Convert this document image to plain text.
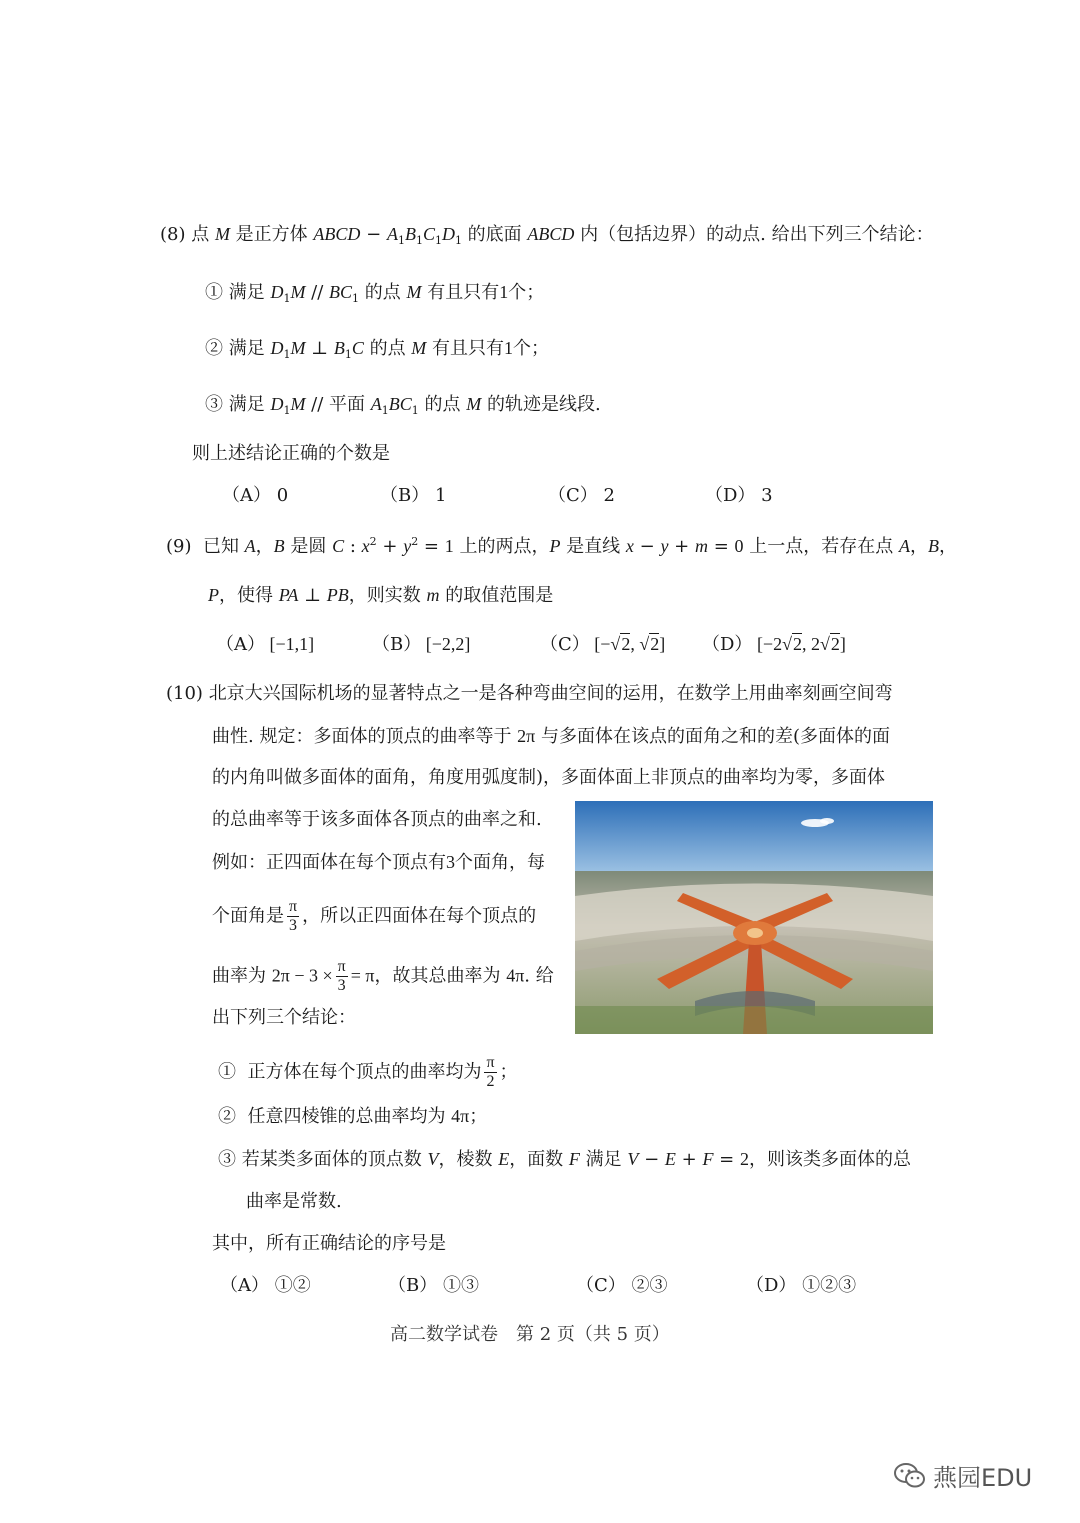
(8) 点 M 是正方体 ABCD − $A_1B_1C_1D_1$ 的底面 ABCD 内（包括边界）的动点. 给出下列三个结论：
① 满足 $D_1M // BC_1$ 的点 M 有且只有1个；
② 满足 $D_1M$ ⊥ $B_1C$ 的点 M 有且只有1个；
③ 满足 $D_1M$ // 平面 $A_1BC_1$ 的点 M 的轨迹是线段.
则上述结论正确的个数是
（A） 0	（B） 1	（C） 2	（D） 3
(9)  已知 A，B 是圆 C : $x^2 + y^2 = 1$ 上的两点，P 是直线 x − y + m = 0 上一点，若存在点 A，B，
P，使得 PA ⊥ PB，则实数 m 的取值范围是
（A） [−1,1]	（B） [−2,2]	（C） [−√2, √2] （D） [−2√2, 2√2]
(10) 北京大兴国际机场的显著特点之一是各种弯曲空间的运用，在数学上用曲率刻画空间弯
曲性. 规定：多面体的顶点的曲率等于 2π 与多面体在该点的面角之和的差(多面体的面
的内角叫做多面体的面角，角度用弧度制)，多面体面上非顶点的曲率均为零，多面体
的总曲率等于该多面体各顶点的曲率之和.
例如：正四面体在每个顶点有3个面角，每
个面角是 $\frac{\pi}{3}$ ，所以正四面体在每个顶点的
曲率为 $2\pi - 3 \times \frac{\pi}{3} = \pi$，故其总曲率为 4π. 给
出下列三个结论：
①  正方体在每个顶点的曲率均为 $\frac{\pi}{2}$ ；
②  任意四棱锥的总曲率均为 4π；
③ 若某类多面体的顶点数 V，棱数 E，面数 F 满足 V − E + F = 2，则该类多面体的总
曲率是常数.
其中，所有正确结论的序号是
（A） ①②	（B） ①③	（C） ②③	（D） ①②③
高二数学试卷　第 2 页（共 5 页）
燕园EDU
